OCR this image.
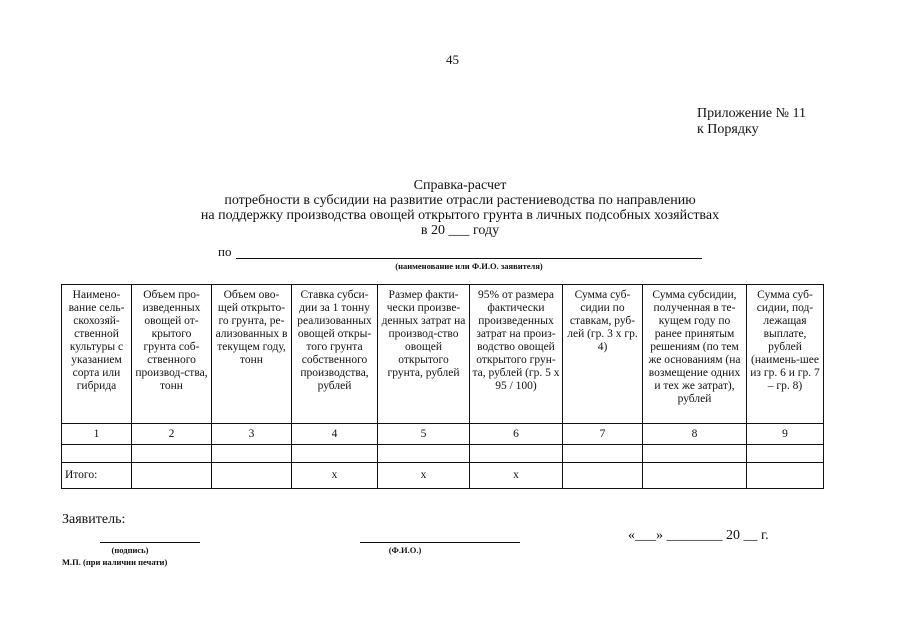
45
Приложение № 11
к Порядку
Справка-расчет
потребности в субсидии на развитие отрасли растениеводства по направлению
на поддержку производства овощей открытого грунта в личных подсобных хозяйствах
в 20 ___ году
по
(наименование или Ф.И.О. заявителя)
Наимено-вание сель-скохозяй-ственной культуры с указанием сорта или гибрида	Объем про-изведенных овощей от-крытого грунта соб-ственного производ-ства, тонн	Объем ово-щей открыто-го грунта, ре-ализованных в текущем году, тонн	Ставка субси-дии за 1 тонну реализованных овощей откры-того грунта собственного производства, рублей	Размер факти-чески произве-денных затрат на производ-ство овощей открытого грунта, рублей	95% от размера фактически произведенных затрат на произ-водство овощей открытого грун-та, рублей (гр. 5 x 95 / 100)	Сумма суб-сидии по ставкам, руб-лей (гр. 3 x гр. 4)	Сумма субсидии, полученная в те-кущем году по ранее принятым решениям (по тем же основаниям (на возмещение одних и тех же затрат), рублей	Сумма суб-сидии, под-лежащая выплате, рублей (наимень-шее из гр. 6 и гр. 7 – гр. 8)
1	2	3	4	5	6	7	8	9

Итого:			x	x	x			
Заявитель:
(подпись)	(Ф.И.О.)
М.П. (при наличии печати)
«___» ________ 20 __ г.
